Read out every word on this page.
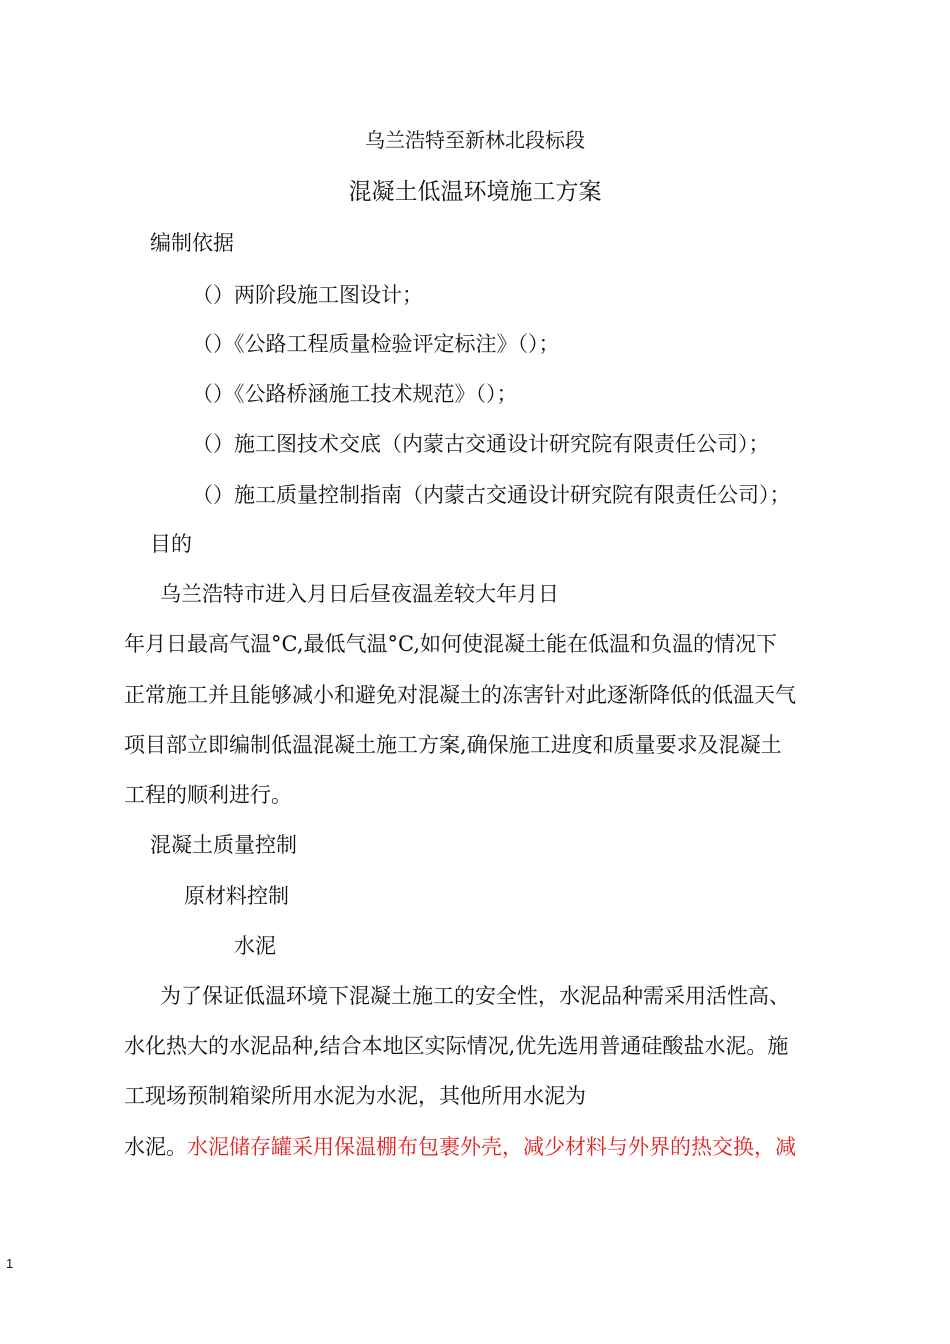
乌兰浩特至新林北段标段
混凝土低温环境施工方案
编制依据
（）两阶段施工图设计；
（）《公路工程质量检验评定标注》（）；
（）《公路桥涵施工技术规范》（）；
（）施工图技术交底（内蒙古交通设计研究院有限责任公司）；
（）施工质量控制指南（内蒙古交通设计研究院有限责任公司）；
目的
乌兰浩特市进入月日后昼夜温差较大年月日
年月日最高气温°C,最低气温°C,如何使混凝土能在低温和负温的情况下
正常施工并且能够减小和避免对混凝土的冻害针对此逐渐降低的低温天气
项目部立即编制低温混凝土施工方案,确保施工进度和质量要求及混凝土
工程的顺利进行。
混凝土质量控制
原材料控制
水泥
为了保证低温环境下混凝土施工的安全性，水泥品种需采用活性高、
水化热大的水泥品种,结合本地区实际情况,优先选用普通硅酸盐水泥。施
工现场预制箱梁所用水泥为水泥，其他所用水泥为
水泥。水泥储存罐采用保温棚布包裹外壳，减少材料与外界的热交换，减
1
